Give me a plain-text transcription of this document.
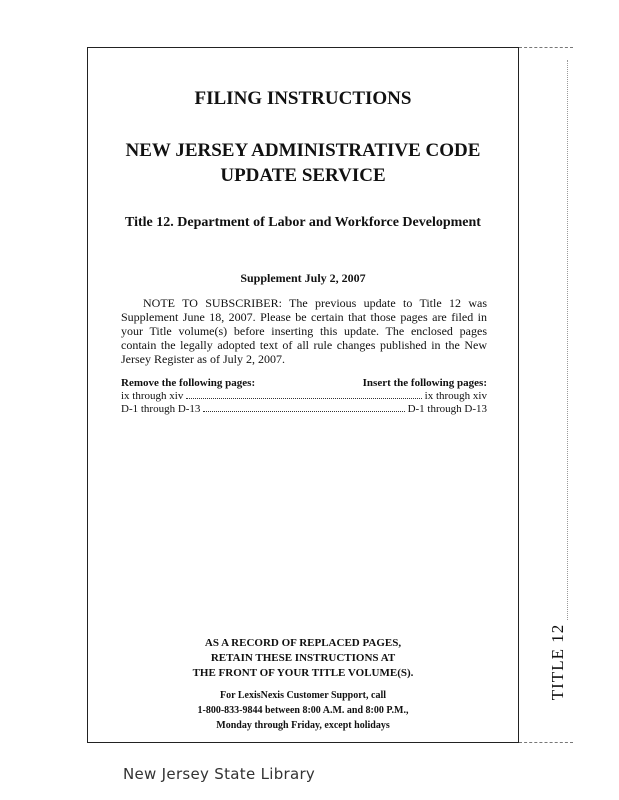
TITLE 12
FILING INSTRUCTIONS
NEW JERSEY ADMINISTRATIVE CODE
UPDATE SERVICE
Title 12. Department of Labor and Workforce Development
Supplement July 2, 2007
NOTE TO SUBSCRIBER: The previous update to Title 12 was Supplement June 18, 2007. Please be certain that those pages are filed in your Title volume(s) before inserting this update. The enclosed pages contain the legally adopted text of all rule changes published in the New Jersey Register as of July 2, 2007.
Remove the following pages:	Insert the following pages:
ix through xiv	ix through xiv
D-1 through D-13	D-1 through D-13
AS A RECORD OF REPLACED PAGES,
RETAIN THESE INSTRUCTIONS AT
THE FRONT OF YOUR TITLE VOLUME(S).
For LexisNexis Customer Support, call
1-800-833-9844 between 8:00 A.M. and 8:00 P.M.,
Monday through Friday, except holidays
New Jersey State Library
